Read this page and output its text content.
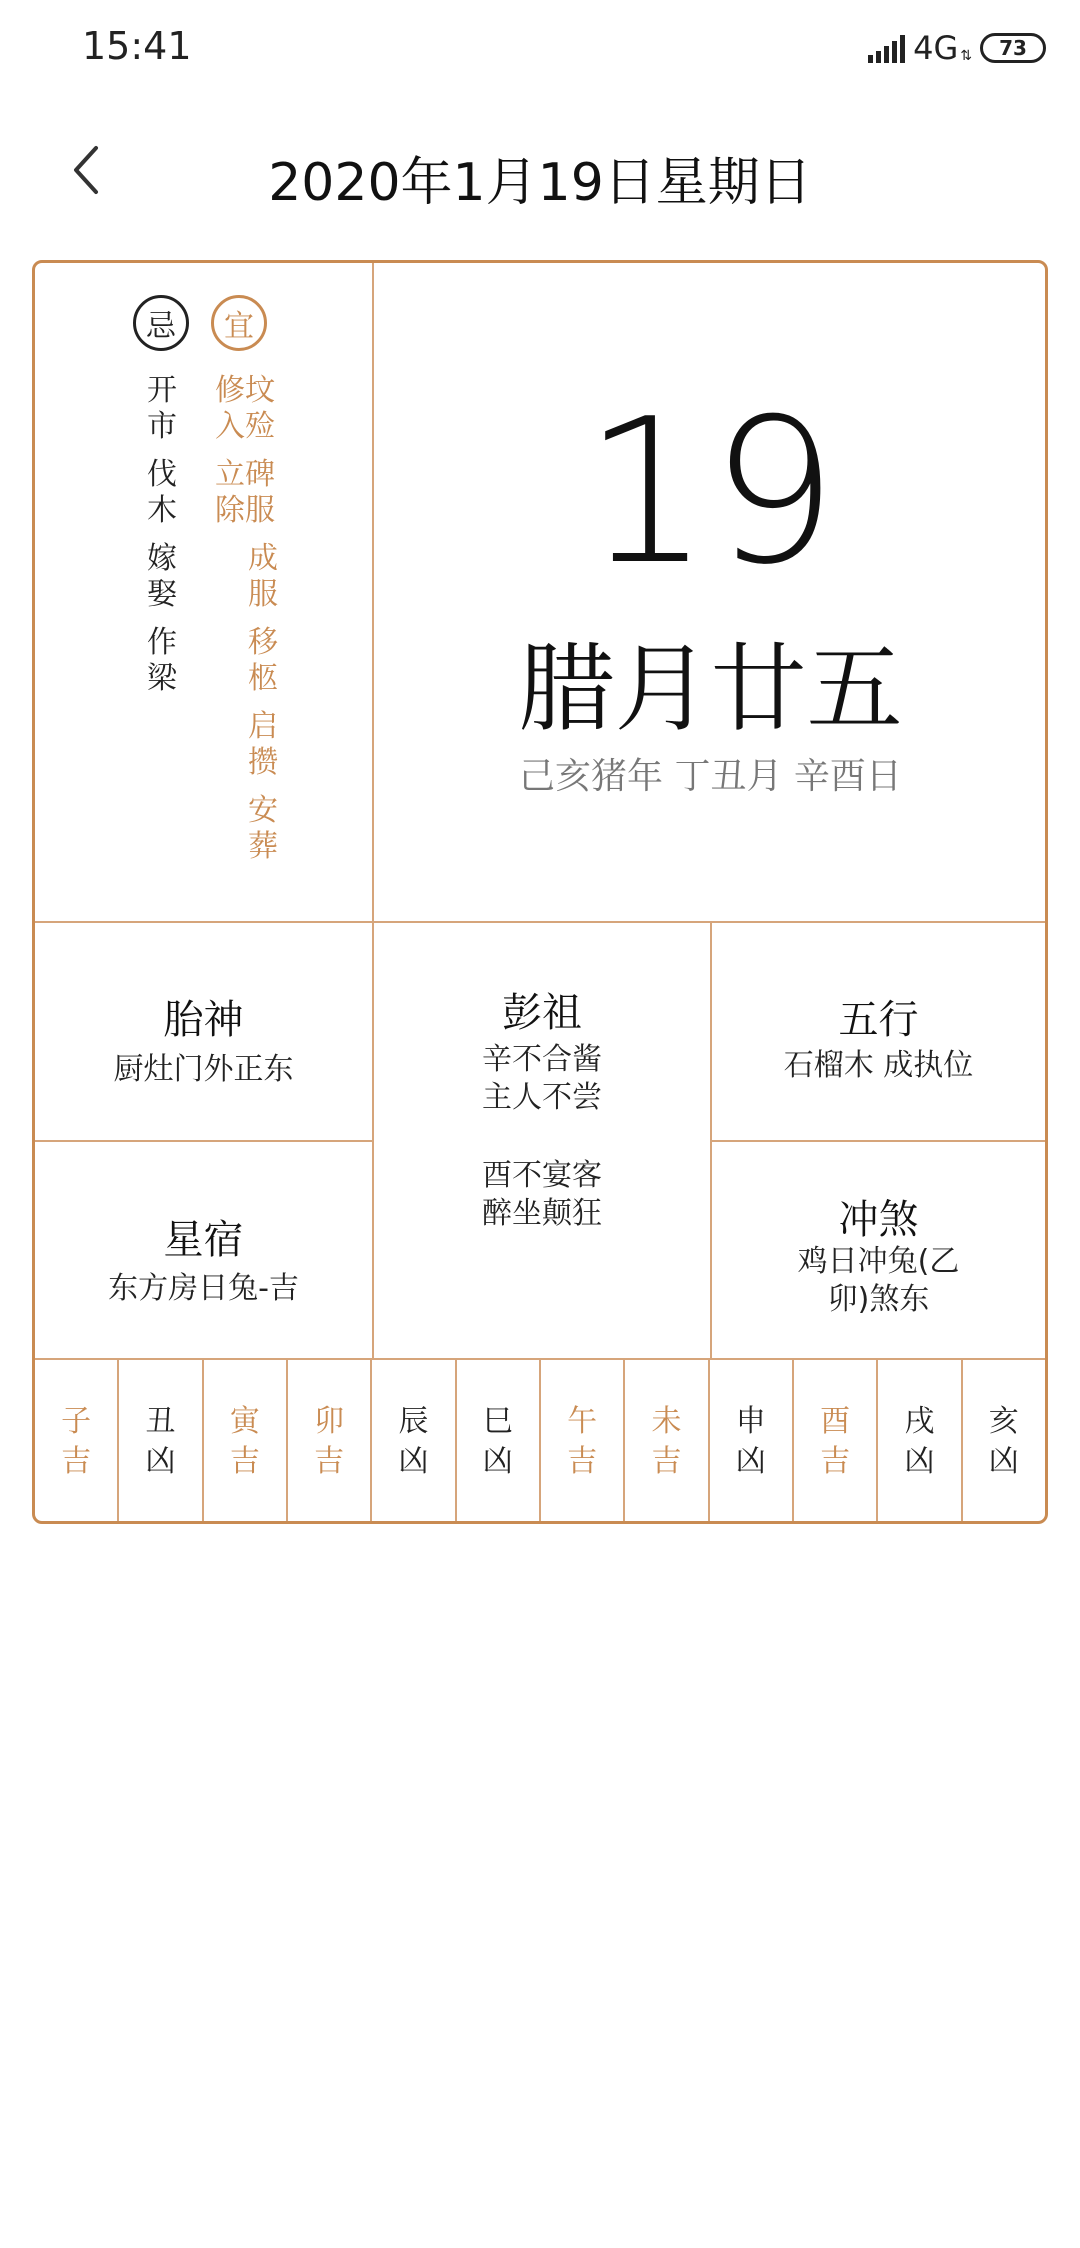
15:41	4G ⇅ 73
2020年1月19日星期日
忌	宜
开市
伐木
嫁娶
作梁
修坟入殓
立碑除服
成服
移柩
启攒
安葬
19
腊月廿五
己亥猪年 丁丑月 辛酉日
胎神
厨灶门外正东
彭祖
辛不合酱
主人不尝
酉不宴客
醉坐颠狂
五行
石榴木 成执位
星宿
东方房日兔-吉
冲煞
鸡日冲兔(乙
卯)煞东
子
吉
丑
凶
寅
吉
卯
吉
辰
凶
巳
凶
午
吉
未
吉
申
凶
酉
吉
戌
凶
亥
凶
